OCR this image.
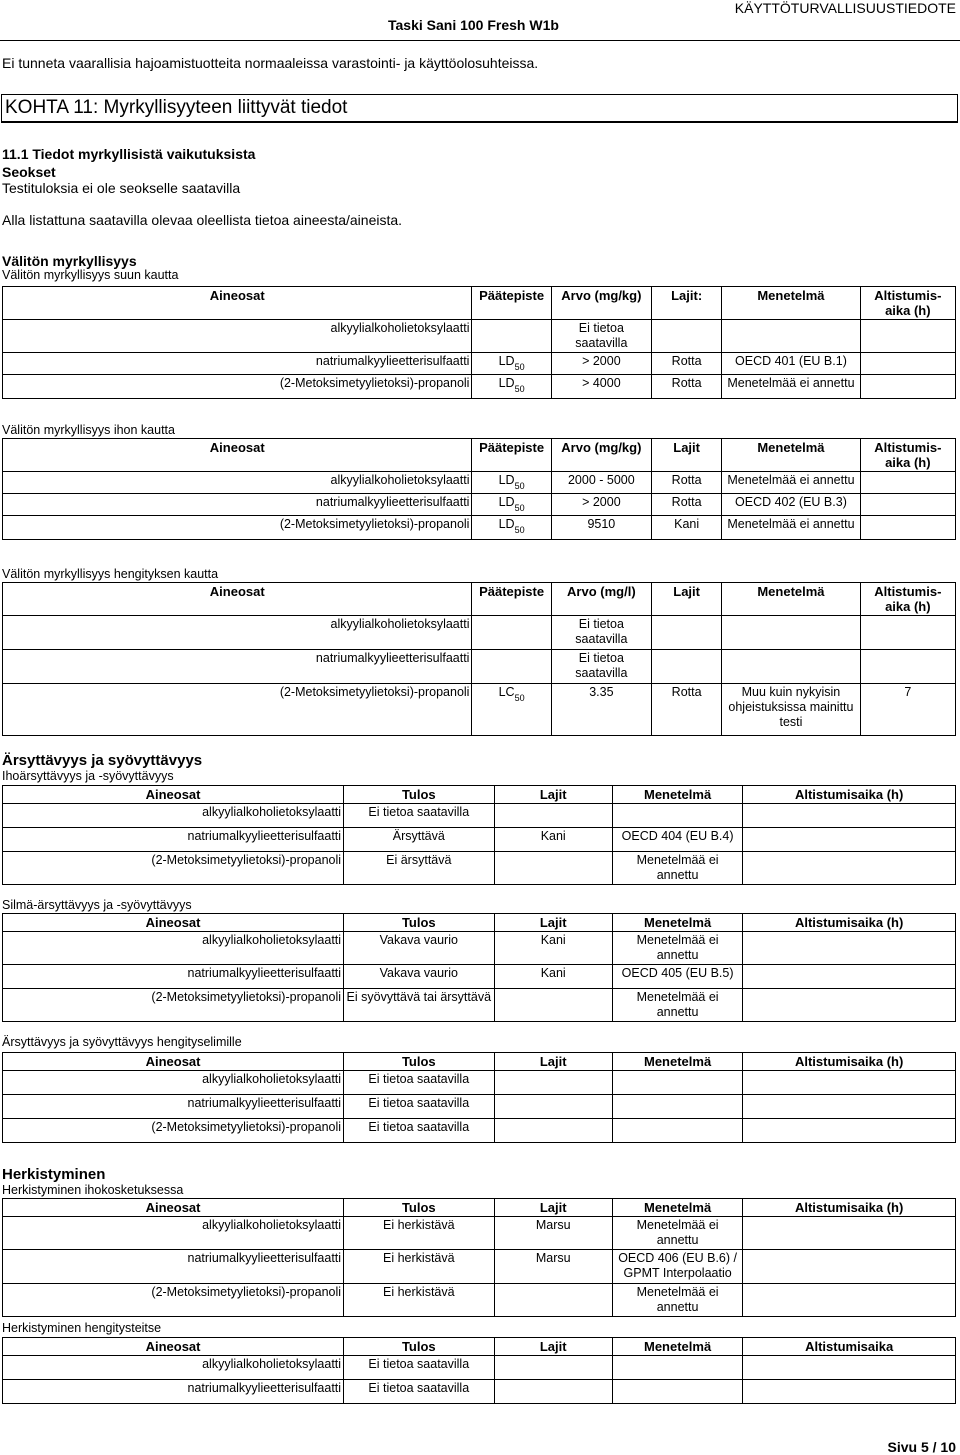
Taski Sani 100 Fresh W1b
KÄYTTÖTURVALLISUUSTIEDOTE
Ei tunneta vaarallisia hajoamistuotteita normaaleissa varastointi- ja käyttöolosuhteissa.
KOHTA 11: Myrkyllisyyteen liittyvät tiedot
11.1 Tiedot myrkyllisistä vaikutuksista
Seokset
Testituloksia ei ole seokselle saatavilla
Alla listattuna saatavilla olevaa oleellista tietoa aineesta/aineista.
Välitön myrkyllisyys
Välitön myrkyllisyys suun kautta
Aineosat	Päätepiste	Arvo (mg/kg)	Lajit:	Menetelmä	Altistumis-aika (h)
alkyylialkoholietoksylaatti		Ei tietoa saatavilla			
natriumalkyylieetterisulfaatti	$LD_{50}$	> 2000	Rotta	OECD 401 (EU B.1)	
(2-Metoksimetyylietoksi)-propanoli	$LD_{50}$	> 4000	Rotta	Menetelmää ei annettu	
Välitön myrkyllisyys ihon kautta
Aineosat	Päätepiste	Arvo (mg/kg)	Lajit	Menetelmä	Altistumis-aika (h)
alkyylialkoholietoksylaatti	$LD_{50}$	2000 - 5000	Rotta	Menetelmää ei annettu	
natriumalkyylieetterisulfaatti	$LD_{50}$	> 2000	Rotta	OECD 402 (EU B.3)	
(2-Metoksimetyylietoksi)-propanoli	$LD_{50}$	9510	Kani	Menetelmää ei annettu	
Välitön myrkyllisyys hengityksen kautta
Aineosat	Päätepiste	Arvo (mg/l)	Lajit	Menetelmä	Altistumis-aika (h)
alkyylialkoholietoksylaatti		Ei tietoa saatavilla			
natriumalkyylieetterisulfaatti		Ei tietoa saatavilla			
(2-Metoksimetyylietoksi)-propanoli	$LC_{50}$	3.35	Rotta	Muu kuin nykyisin ohjeistuksissa mainittu testi	7
Ärsyttävyys ja syövyttävyys
Ihoärsyttävyys ja -syövyttävyys
Aineosat	Tulos	Lajit	Menetelmä	Altistumisaika (h)
alkyylialkoholietoksylaatti	Ei tietoa saatavilla			
natriumalkyylieetterisulfaatti	Ärsyttävä	Kani	OECD 404 (EU B.4)	
(2-Metoksimetyylietoksi)-propanoli	Ei ärsyttävä		Menetelmää ei annettu	
Silmä-ärsyttävyys ja -syövyttävyys
Aineosat	Tulos	Lajit	Menetelmä	Altistumisaika (h)
alkyylialkoholietoksylaatti	Vakava vaurio	Kani	Menetelmää ei annettu	
natriumalkyylieetterisulfaatti	Vakava vaurio	Kani	OECD 405 (EU B.5)	
(2-Metoksimetyylietoksi)-propanoli	Ei syövyttävä tai ärsyttävä		Menetelmää ei annettu	
Ärsyttävyys ja syövyttävyys hengityselimille
Aineosat	Tulos	Lajit	Menetelmä	Altistumisaika (h)
alkyylialkoholietoksylaatti	Ei tietoa saatavilla			
natriumalkyylieetterisulfaatti	Ei tietoa saatavilla			
(2-Metoksimetyylietoksi)-propanoli	Ei tietoa saatavilla			
Herkistyminen
Herkistyminen ihokosketuksessa
Aineosat	Tulos	Lajit	Menetelmä	Altistumisaika (h)
alkyylialkoholietoksylaatti	Ei herkistävä	Marsu	Menetelmää ei annettu	
natriumalkyylieetterisulfaatti	Ei herkistävä	Marsu	OECD 406 (EU B.6) / GPMT Interpolaatio	
(2-Metoksimetyylietoksi)-propanoli	Ei herkistävä		Menetelmää ei annettu	
Herkistyminen hengitysteitse
Aineosat	Tulos	Lajit	Menetelmä	Altistumisaika
alkyylialkoholietoksylaatti	Ei tietoa saatavilla			
natriumalkyylieetterisulfaatti	Ei tietoa saatavilla			
Sivu 5 / 10
